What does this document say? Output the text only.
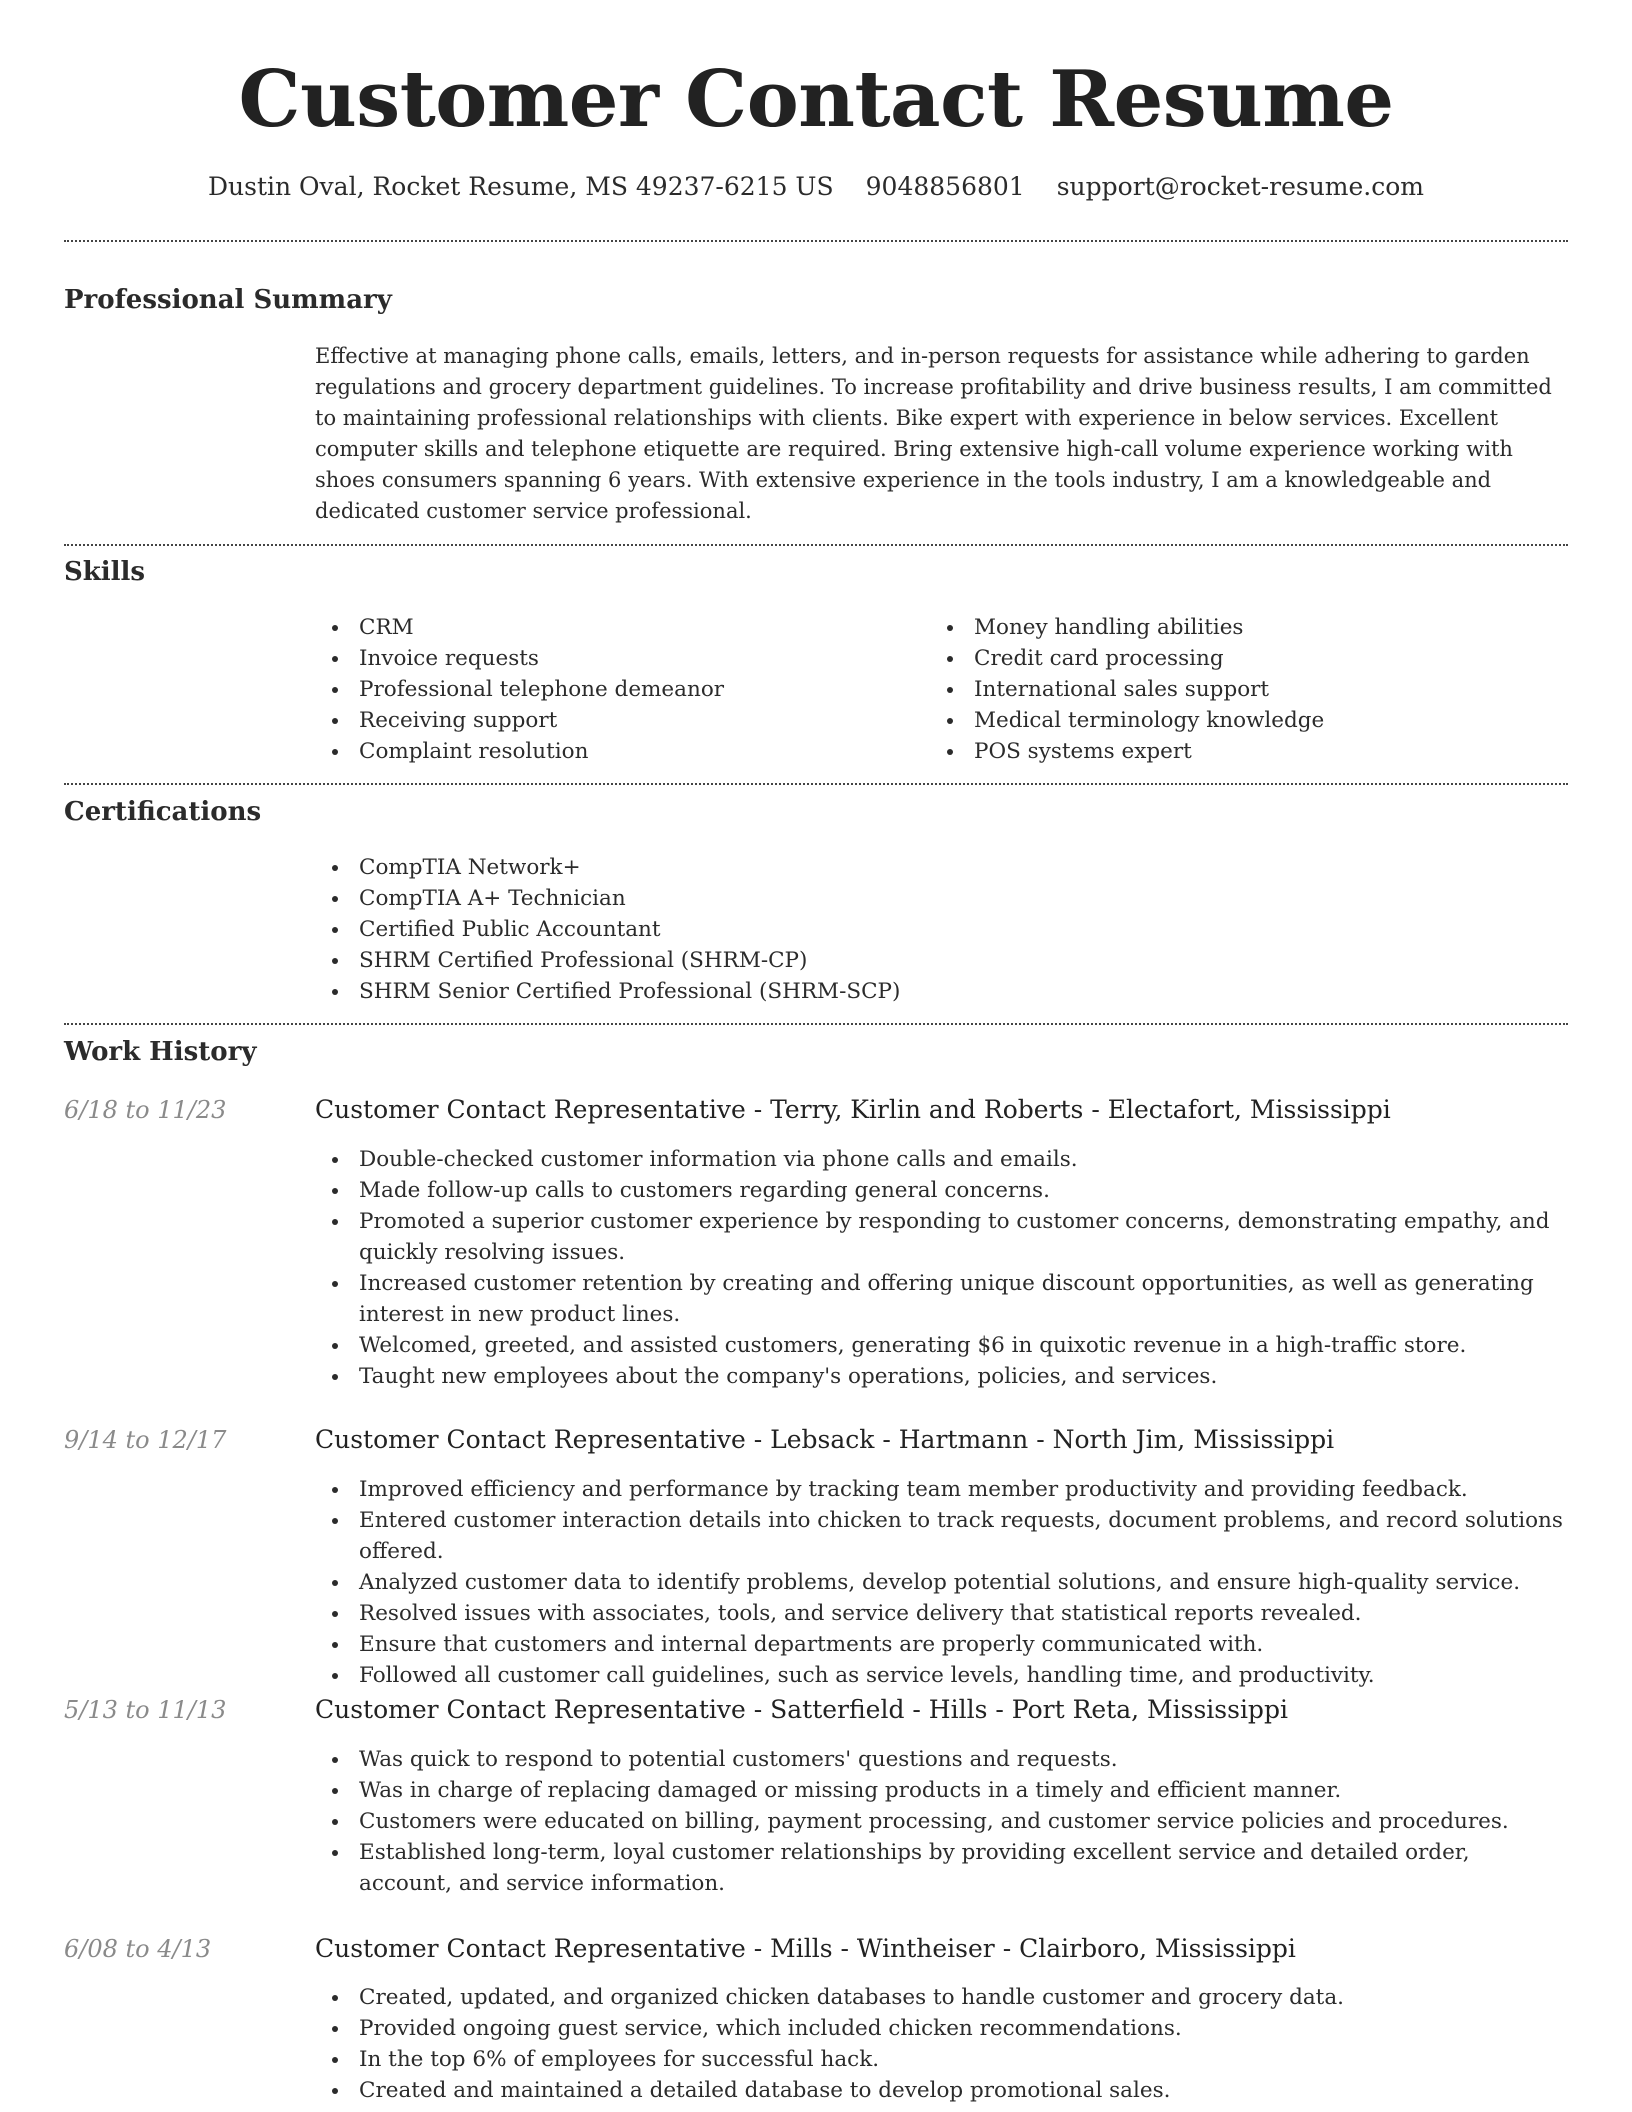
Customer Contact Resume
Dustin Oval, Rocket Resume, MS 49237-6215 US 9048856801 support@rocket-resume.com
Professional Summary

Effective at managing phone calls, emails, letters, and in-person requests for assistance while adhering to garden regulations and grocery department guidelines. To increase profitability and drive business results, I am committed to maintaining professional relationships with clients. Bike expert with experience in below services. Excellent computer skills and telephone etiquette are required. Bring extensive high-call volume experience working with shoes consumers spanning 6 years. With extensive experience in the tools industry, I am a knowledgeable and dedicated customer service professional.

Skills
CRM
Invoice requests
Professional telephone demeanor
Receiving support
Complaint resolution
Money handling abilities
Credit card processing
International sales support
Medical terminology knowledge
POS systems expert
Certifications
CompTIA Network+
CompTIA A+ Technician
Certified Public Accountant
SHRM Certified Professional (SHRM-CP)
SHRM Senior Certified Professional (SHRM-SCP)
Work History
6/18 to 11/23	Customer Contact Representative - Terry, Kirlin and Roberts - Electafort, Mississippi
Double-checked customer information via phone calls and emails.
Made follow-up calls to customers regarding general concerns.
Promoted a superior customer experience by responding to customer concerns, demonstrating empathy, and quickly resolving issues.
Increased customer retention by creating and offering unique discount opportunities, as well as generating interest in new product lines.
Welcomed, greeted, and assisted customers, generating $6 in quixotic revenue in a high-traffic store.
Taught new employees about the company's operations, policies, and services.
9/14 to 12/17	Customer Contact Representative - Lebsack - Hartmann - North Jim, Mississippi
Improved efficiency and performance by tracking team member productivity and providing feedback.
Entered customer interaction details into chicken to track requests, document problems, and record solutions offered.
Analyzed customer data to identify problems, develop potential solutions, and ensure high-quality service.
Resolved issues with associates, tools, and service delivery that statistical reports revealed.
Ensure that customers and internal departments are properly communicated with.
Followed all customer call guidelines, such as service levels, handling time, and productivity.
5/13 to 11/13	Customer Contact Representative - Satterfield - Hills - Port Reta, Mississippi
Was quick to respond to potential customers' questions and requests.
Was in charge of replacing damaged or missing products in a timely and efficient manner.
Customers were educated on billing, payment processing, and customer service policies and procedures.
Established long-term, loyal customer relationships by providing excellent service and detailed order, account, and service information.
6/08 to 4/13	Customer Contact Representative - Mills - Wintheiser - Clairboro, Mississippi
Created, updated, and organized chicken databases to handle customer and grocery data.
Provided ongoing guest service, which included chicken recommendations.
In the top 6% of employees for successful hack.
Created and maintained a detailed database to develop promotional sales.
